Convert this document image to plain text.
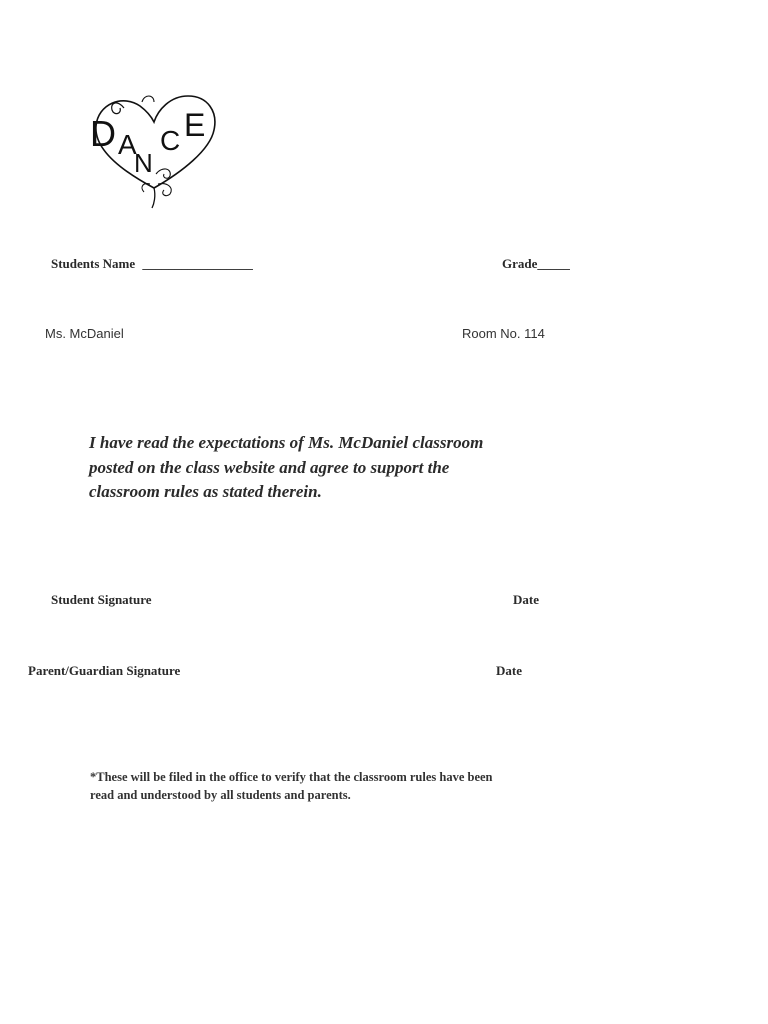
D A
N
C E
Students Name _________________	Grade_____
Ms. McDaniel	Room No. 114
I have read the expectations of Ms. McDaniel classroom
posted on the class website and agree to support the
classroom rules as stated therein.
Student Signature	Date
Parent/Guardian Signature	Date
*These will be filed in the office to verify that the classroom rules have been
read and understood by all students and parents.
